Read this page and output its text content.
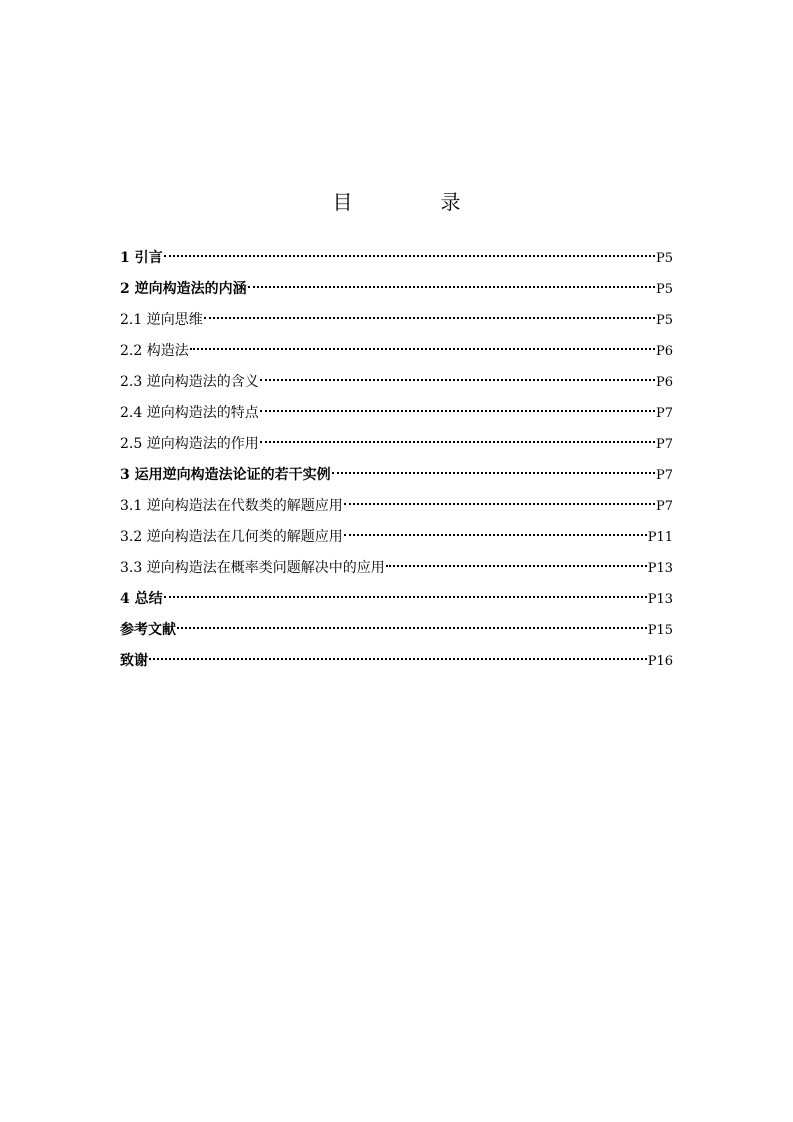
目　录
1 引言	P5
2 逆向构造法的内涵	P5
2.1 逆向思维	P5
2.2 构造法	P6
2.3 逆向构造法的含义	P6
2.4 逆向构造法的特点	P7
2.5 逆向构造法的作用	P7
3 运用逆向构造法论证的若干实例	P7
3.1 逆向构造法在代数类的解题应用	P7
3.2 逆向构造法在几何类的解题应用	P11
3.3 逆向构造法在概率类问题解决中的应用	P13
4 总结	P13
参考文献	P15
致谢	P16
